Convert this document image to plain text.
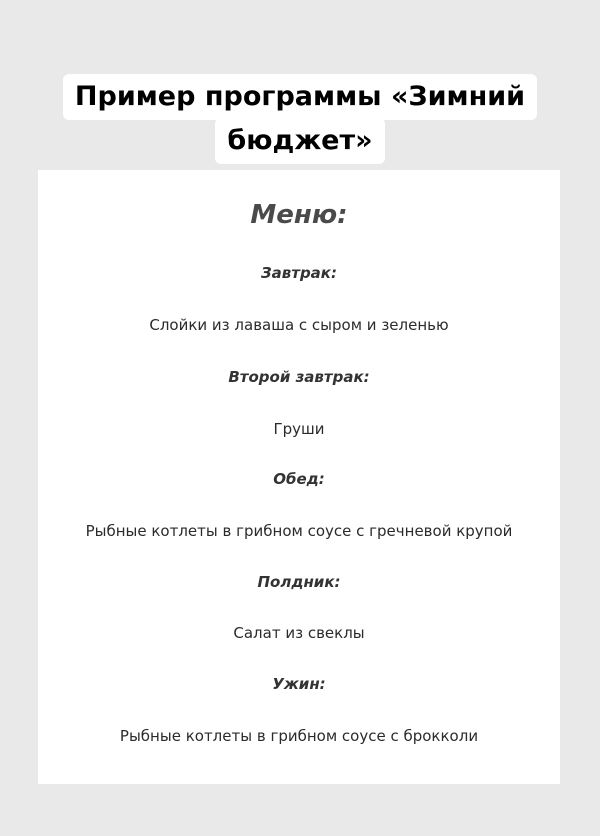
Пример программы «Зимний
бюджет»
Меню:
Завтрак:
Слойки из лаваша с сыром и зеленью
Второй завтрак:
Груши
Обед:
Рыбные котлеты в грибном соусе с гречневой крупой
Полдник:
Салат из свеклы
Ужин:
Рыбные котлеты в грибном соусе с брокколи
